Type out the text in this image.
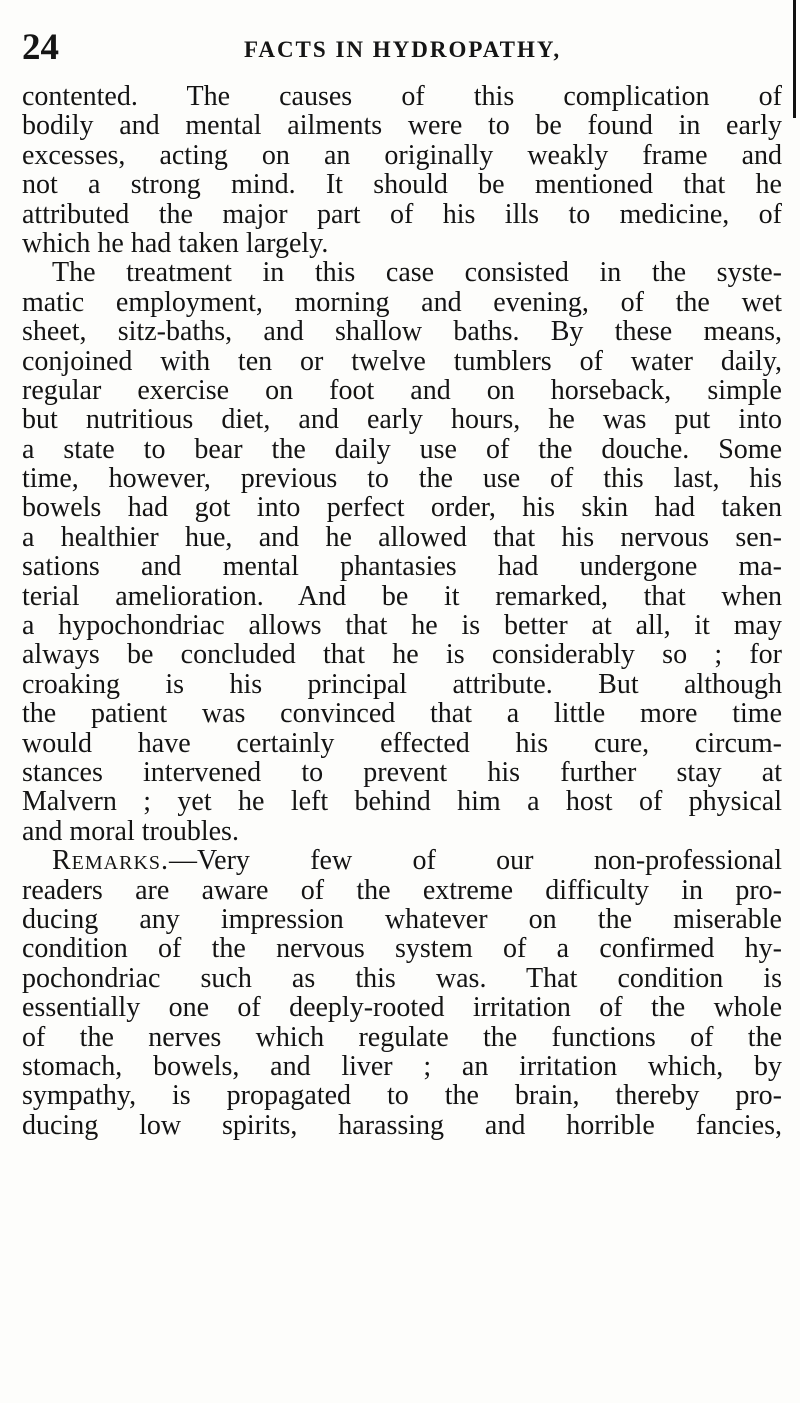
24	FACTS IN HYDROPATHY,
contented. The causes of this complication of
bodily and mental ailments were to be found in early
excesses, acting on an originally weakly frame and
not a strong mind. It should be mentioned that he
attributed the major part of his ills to medicine, of
which he had taken largely.
The treatment in this case consisted in the syste-
matic employment, morning and evening, of the wet
sheet, sitz-baths, and shallow baths. By these means,
conjoined with ten or twelve tumblers of water daily,
regular exercise on foot and on horseback, simple
but nutritious diet, and early hours, he was put into
a state to bear the daily use of the douche. Some
time, however, previous to the use of this last, his
bowels had got into perfect order, his skin had taken
a healthier hue, and he allowed that his nervous sen-
sations and mental phantasies had undergone ma-
terial amelioration. And be it remarked, that when
a hypochondriac allows that he is better at all, it may
always be concluded that he is considerably so ; for
croaking is his principal attribute. But although
the patient was convinced that a little more time
would have certainly effected his cure, circum-
stances intervened to prevent his further stay at
Malvern ; yet he left behind him a host of physical
and moral troubles.
Remarks.—Very few of our non-professional
readers are aware of the extreme difficulty in pro-
ducing any impression whatever on the miserable
condition of the nervous system of a confirmed hy-
pochondriac such as this was. That condition is
essentially one of deeply-rooted irritation of the whole
of the nerves which regulate the functions of the
stomach, bowels, and liver ; an irritation which, by
sympathy, is propagated to the brain, thereby pro-
ducing low spirits, harassing and horrible fancies,
